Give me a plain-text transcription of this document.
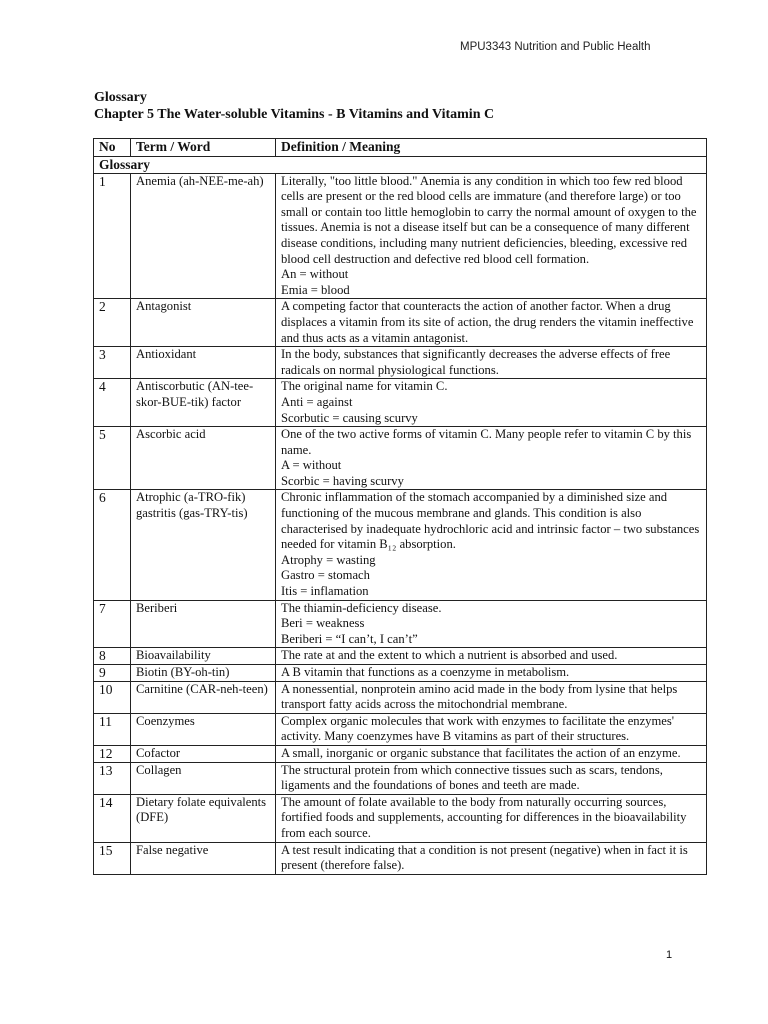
MPU3343 Nutrition and Public Health
Glossary
Chapter 5 The Water-soluble Vitamins - B Vitamins and Vitamin C
No	Term / Word	Definition / Meaning
Glossary		
1	Anemia (ah-NEE-me-ah)	Literally, "too little blood." Anemia is any condition in which too few red blood cells are present or the red blood cells are immature (and therefore large) or too small or contain too little hemoglobin to carry the normal amount of oxygen to the tissues. Anemia is not a disease itself but can be a consequence of many different disease conditions, including many nutrient deficiencies, bleeding, excessive red blood cell destruction and defective red blood cell formation.
An = without
Emia = blood

2	Antagonist	A competing factor that counteracts the action of another factor. When a drug displaces a vitamin from its site of action, the drug renders the vitamin ineffective and thus acts as a vitamin antagonist.

3	Antioxidant	In the body, substances that significantly decreases the adverse effects of free radicals on normal physiological functions.

4	Antiscorbutic (AN-tee-skor-BUE-tik) factor	The original name for vitamin C.
Anti = against
Scorbutic = causing scurvy

5	Ascorbic acid	One of the two active forms of vitamin C. Many people refer to vitamin C by this name.
A = without
Scorbic = having scurvy

6	Atrophic (a-TRO-fik) gastritis (gas-TRY-tis)	Chronic inflammation of the stomach accompanied by a diminished size and functioning of the mucous membrane and glands. This condition is also characterised by inadequate hydrochloric acid and intrinsic factor – two substances needed for vitamin B₁₂ absorption.
Atrophy = wasting
Gastro = stomach
Itis = inflamation

7	Beriberi	The thiamin-deficiency disease.
Beri = weakness
Beriberi = “I can’t, I can’t”

8	Bioavailability	The rate at and the extent to which a nutrient is absorbed and used.

9	Biotin (BY-oh-tin)	A B vitamin that functions as a coenzyme in metabolism.

10	Carnitine (CAR-neh-teen)	A nonessential, nonprotein amino acid made in the body from lysine that helps transport fatty acids across the mitochondrial membrane.

11	Coenzymes	Complex organic molecules that work with enzymes to facilitate the enzymes' activity. Many coenzymes have B vitamins as part of their structures.

12	Cofactor	A small, inorganic or organic substance that facilitates the action of an enzyme.

13	Collagen	The structural protein from which connective tissues such as scars, tendons, ligaments and the foundations of bones and teeth are made.

14	Dietary folate equivalents (DFE)	The amount of folate available to the body from naturally occurring sources, fortified foods and supplements, accounting for differences in the bioavailability from each source.

15	False negative	A test result indicating that a condition is not present (negative) when in fact it is present (therefore false).
1
